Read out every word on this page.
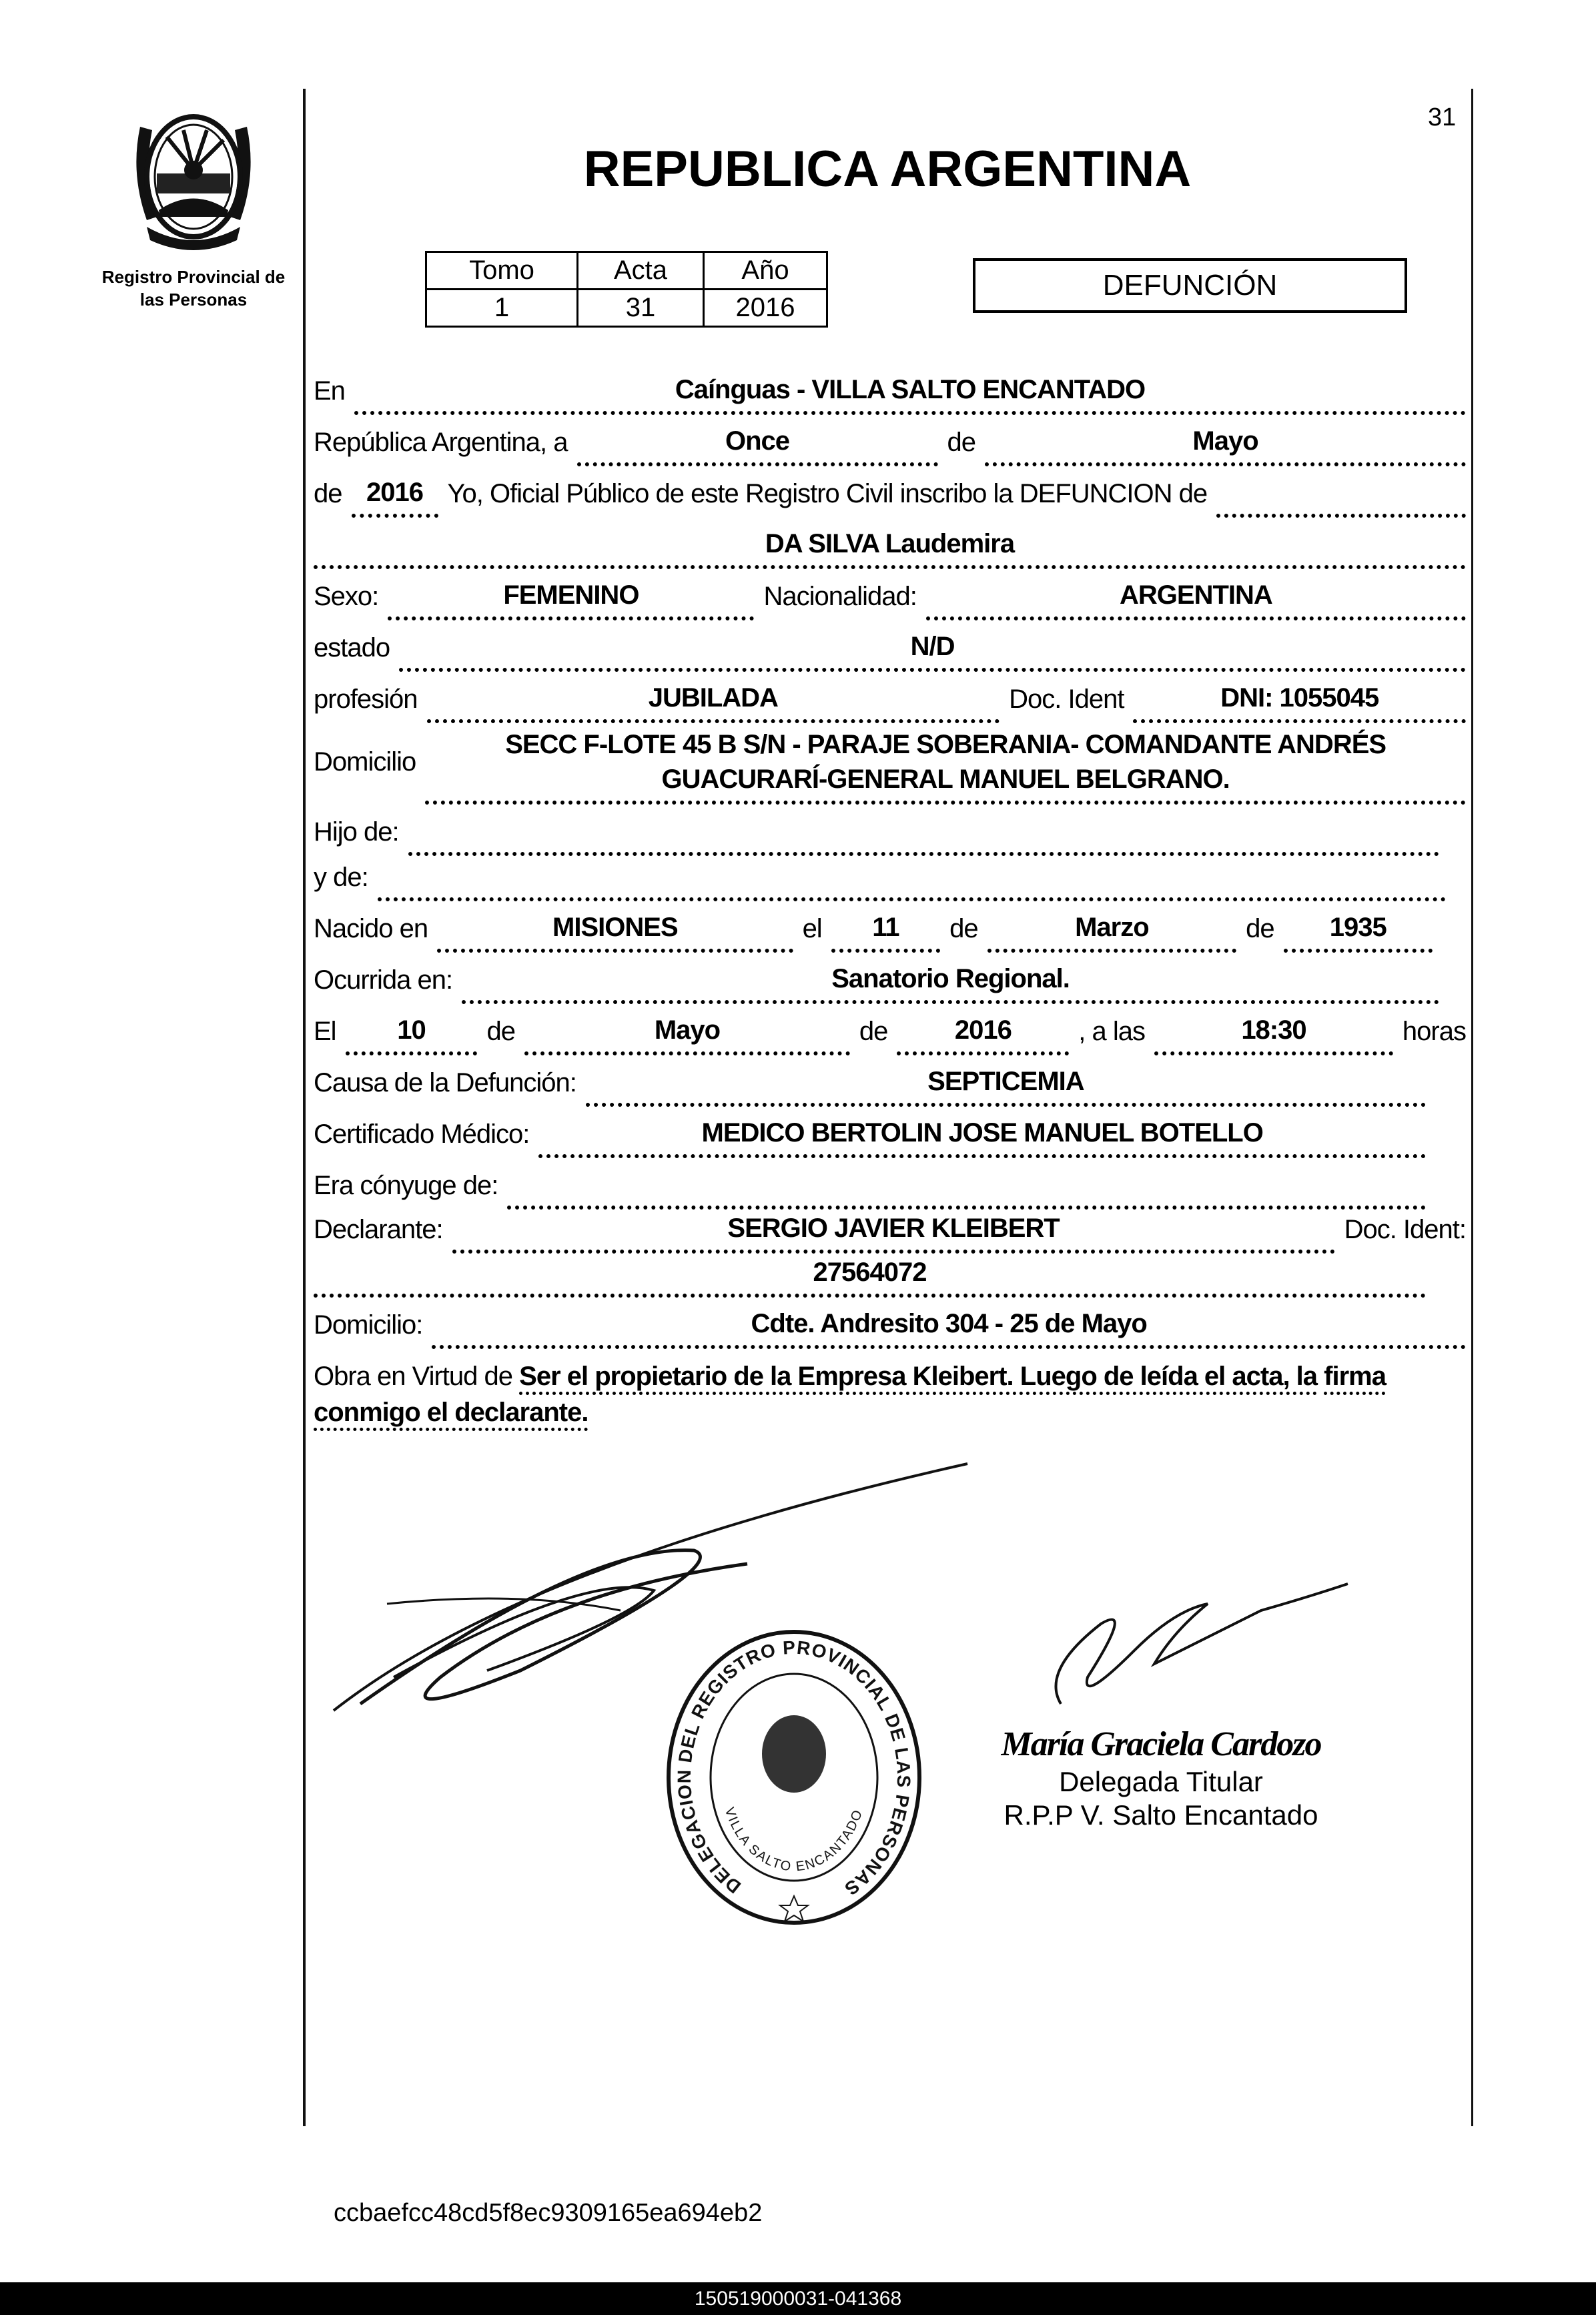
31
Registro Provincial de
las Personas
REPUBLICA ARGENTINA
Tomo	Acta	Año
1	31	2016
DEFUNCIÓN
En	Caínguas - VILLA SALTO ENCANTADO
República Argentina, a	Once	de	Mayo
de 2016 Yo, Oficial Público de este Registro Civil inscribo la DEFUNCION de
DA SILVA Laudemira
Sexo:	FEMENINO	Nacionalidad:	ARGENTINA
estado	N/D
profesión	JUBILADA	Doc. Ident	DNI: 1055045
Domicilio
SECC F-LOTE 45 B S/N - PARAJE SOBERANIA- COMANDANTE ANDRÉS
GUACURARÍ-GENERAL MANUEL BELGRANO.
Hijo de:
y de:
Nacido en	MISIONES	el	11	de	Marzo	de	1935
Ocurrida en:	Sanatorio Regional.
El	10	de	Mayo	de	2016	, a las	18:30	horas
Causa de la Defunción:	SEPTICEMIA
Certificado Médico:	MEDICO BERTOLIN JOSE MANUEL BOTELLO
Era cónyuge de:
Declarante:	SERGIO JAVIER KLEIBERT	Doc. Ident:
27564072
Domicilio:	Cdte. Andresito 304 - 25 de Mayo
Obra en Virtud de Ser el propietario de la Empresa Kleibert. Luego de leída el acta, la firma conmigo el declarante.
DELEGACION DEL REGISTRO PROVINCIAL DE LAS PERSONAS
VILLA SALTO ENCANTADO
María Graciela Cardozo
Delegada Titular
R.P.P V. Salto Encantado
ccbaefcc48cd5f8ec9309165ea694eb2
150519000031-041368
